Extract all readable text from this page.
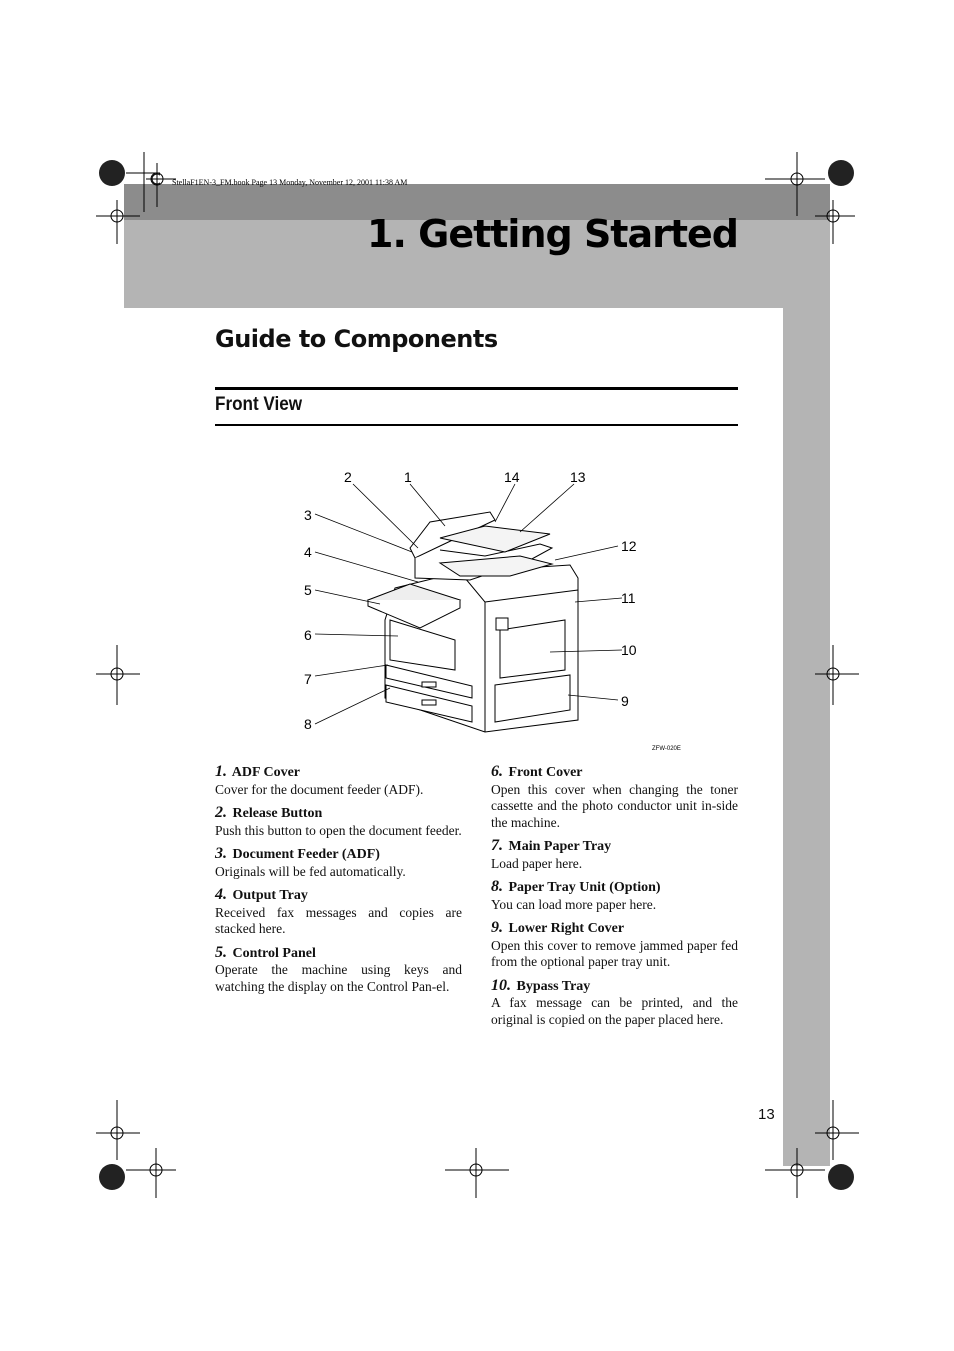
StellaF1EN-3_FM.book Page 13 Monday, November 12, 2001 11:38 AM
1. Getting Started
Guide to Components
Front View
2	1	14	13
3
12
4
11
5
6
10
7
9
8
ZFW-020E
1. ADF Cover
Cover for the document feeder (ADF).
2. Release Button
Push this button to open the document feeder.
3. Document Feeder (ADF)
Originals will be fed automatically.
4. Output Tray
Received fax messages and copies are stacked here.
5. Control Panel
Operate the machine using keys and watching the display on the Control Pan-el.
6. Front Cover
Open this cover when changing the toner cassette and the photo conductor unit in-side the machine.
7. Main Paper Tray
Load paper here.
8. Paper Tray Unit (Option)
You can load more paper here.
9. Lower Right Cover
Open this cover to remove jammed paper fed from the optional paper tray unit.
10. Bypass Tray
A fax message can be printed, and the original is copied on the paper placed here.
13
